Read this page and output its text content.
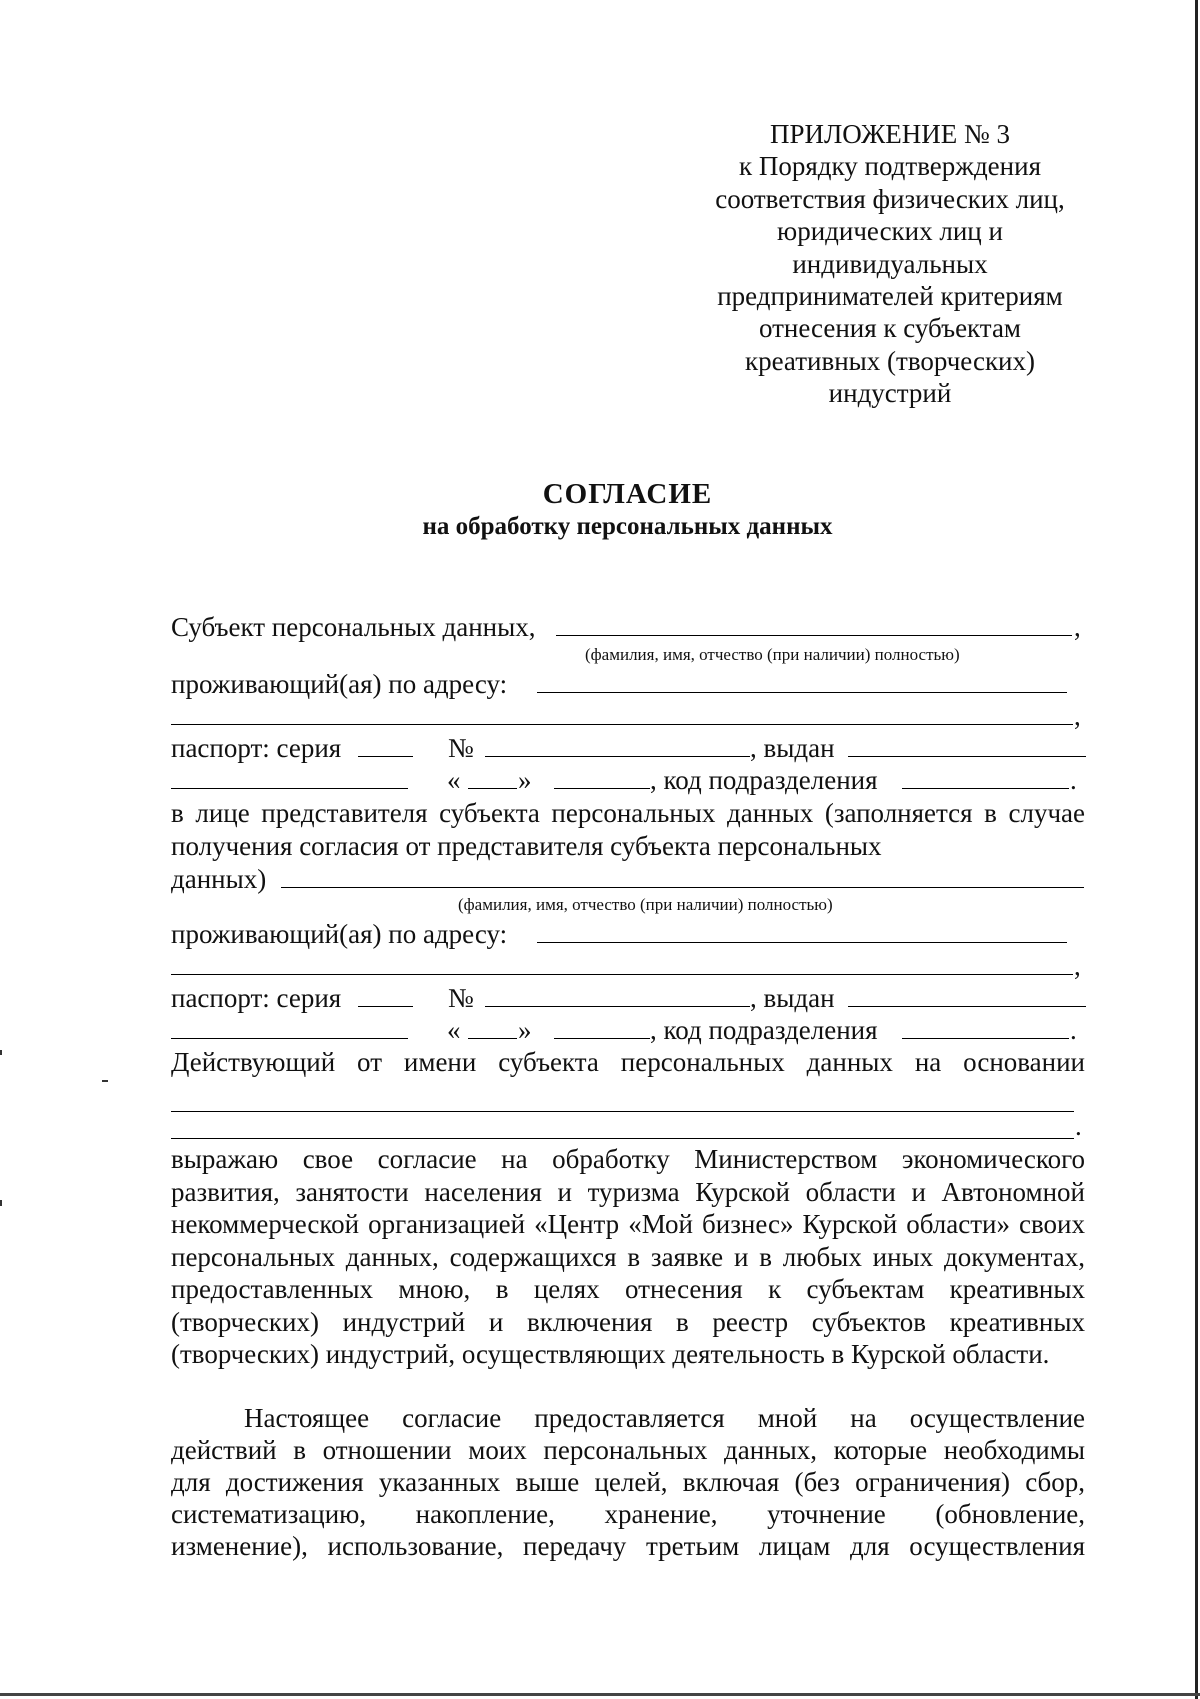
ПРИЛОЖЕНИЕ № 3
к Порядку подтверждения
соответствия физических лиц,
юридических лиц и
индивидуальных
предпринимателей критериям
отнесения к субъектам
креативных (творческих)
индустрий
СОГЛАСИЕ
на обработку персональных данных
Субъект персональных данных,	,
(фамилия, имя, отчество (при наличии) полностью)
проживающий(ая) по адресу:
,
паспорт: серия	№	, выдан
« »	, код подразделения	.
в лице представителя субъекта персональных данных (заполняется в случае получения согласия от представителя субъекта персональных
данных)
(фамилия, имя, отчество (при наличии) полностью)
проживающий(ая) по адресу:
,
паспорт: серия	№	, выдан
« »	, код подразделения	.
Действующий от имени субъекта персональных данных на основании
.
выражаю свое согласие на обработку Министерством экономического развития, занятости населения и туризма Курской области и Автономной некоммерческой организацией «Центр «Мой бизнес» Курской области» своих персональных данных, содержащихся в заявке и в любых иных документах, предоставленных мною, в целях отнесения к субъектам креативных (творческих) индустрий и включения в реестр субъектов креативных (творческих) индустрий, осуществляющих деятельность в Курской области.
Настоящее согласие предоставляется мной на осуществление
действий в отношении моих персональных данных, которые необходимы
для достижения указанных выше целей, включая (без ограничения) сбор,
систематизацию, накопление, хранение, уточнение (обновление,
изменение), использование, передачу третьим лицам для осуществления
